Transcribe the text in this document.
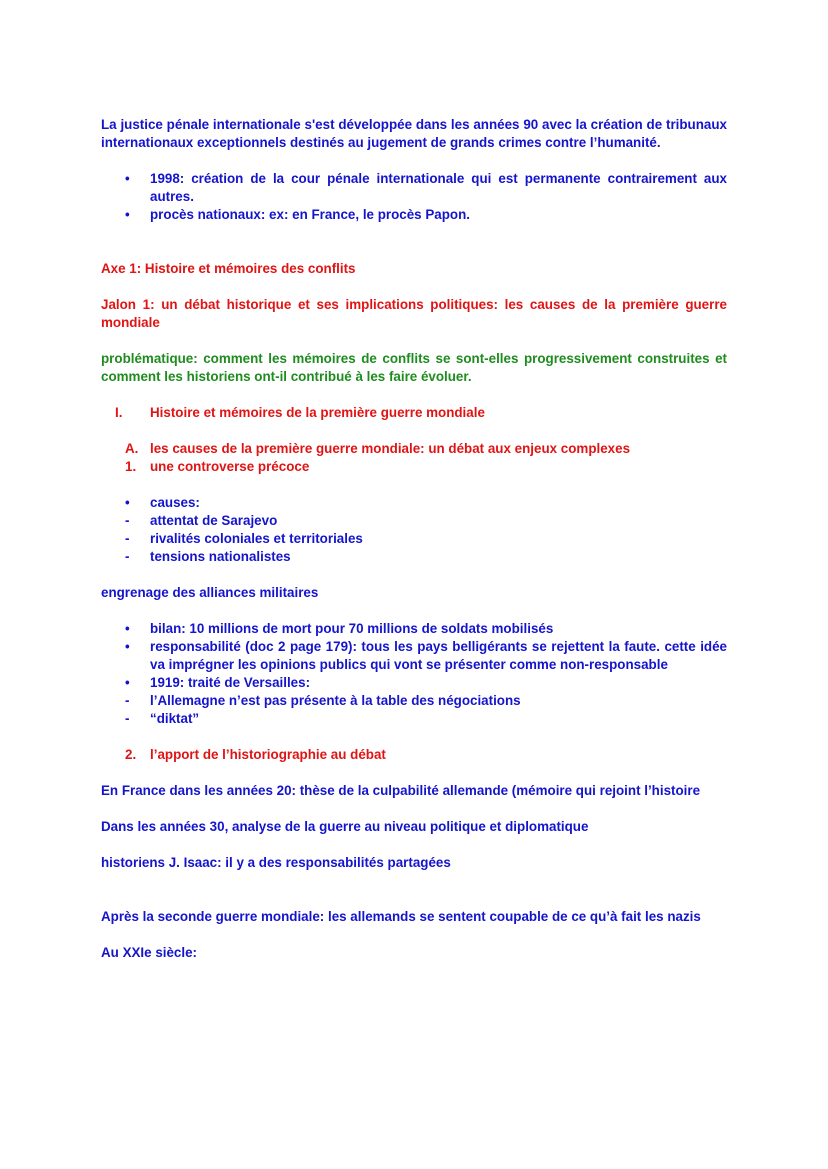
La justice pénale internationale s'est développée dans les années 90 avec la création de tribunaux internationaux exceptionnels destinés au jugement de grands crimes contre l’humanité.

•	1998: création de la cour pénale internationale qui est permanente contrairement aux autres.
•	procès nationaux: ex: en France, le procès Papon.

Axe 1: Histoire et mémoires des conflits

Jalon 1: un débat historique et ses implications politiques: les causes de la première guerre mondiale

problématique: comment les mémoires de conflits se sont-elles progressivement construites et comment les historiens ont-il contribué à les faire évoluer.

I.	Histoire et mémoires de la première guerre mondiale
A. les causes de la première guerre mondiale: un débat aux enjeux complexes
1.	une controverse précoce
•	causes:
-	attentat de Sarajevo
-	rivalités coloniales et territoriales
-	tensions nationalistes

engrenage des alliances militaires

•	bilan: 10 millions de mort pour 70 millions de soldats mobilisés
•	responsabilité (doc 2 page 179): tous les pays belligérants se rejettent la faute. cette idée va imprégner les opinions publics qui vont se présenter comme non-responsable
•	1919: traité de Versailles:
-	l’Allemagne n’est pas présente à la table des négociations
-	“diktat”
2.	l’apport de l’historiographie au débat

En France dans les années 20: thèse de la culpabilité allemande (mémoire qui rejoint l’histoire

Dans les années 30, analyse de la guerre au niveau politique et diplomatique

historiens J. Isaac: il y a des responsabilités partagées

Après la seconde guerre mondiale: les allemands se sentent coupable de ce qu’à fait les nazis

Au XXIe siècle:
